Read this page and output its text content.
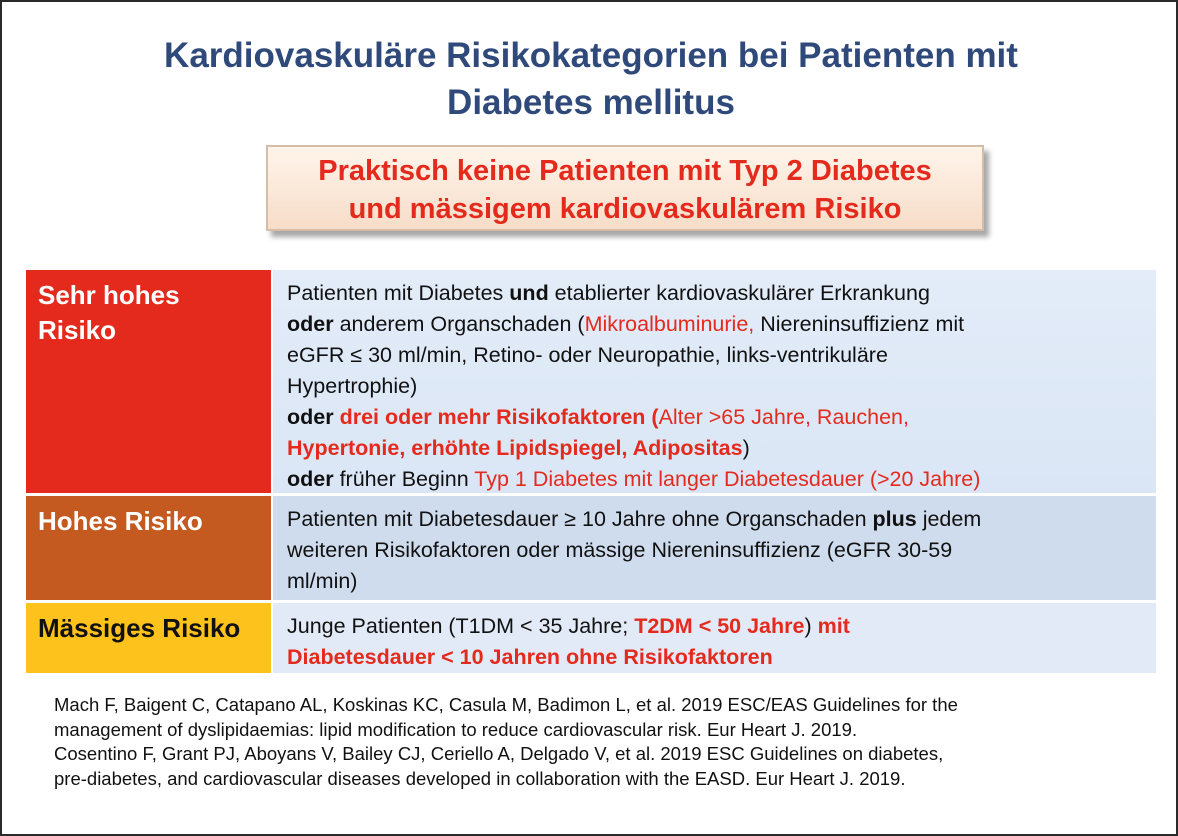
Kardiovaskuläre Risikokategorien bei Patienten mit
Diabetes mellitus
Praktisch keine Patienten mit Typ 2 Diabetes
und mässigem kardiovaskulärem Risiko
Sehr hohes
Risiko
Patienten mit Diabetes und etablierter kardiovaskulärer Erkrankung
oder anderem Organschaden (Mikroalbuminurie, Niereninsuffizienz mit
eGFR ≤ 30 ml/min, Retino- oder Neuropathie, links-ventrikuläre
Hypertrophie)
oder drei oder mehr Risikofaktoren (Alter >65 Jahre, Rauchen,
Hypertonie, erhöhte Lipidspiegel, Adipositas)
oder früher Beginn Typ 1 Diabetes mit langer Diabetesdauer (>20 Jahre)
Hohes Risiko	Patienten mit Diabetesdauer ≥ 10 Jahre ohne Organschaden plus jedem
weiteren Risikofaktoren oder mässige Niereninsuffizienz (eGFR 30-59
ml/min)
Mässiges Risiko	Junge Patienten (T1DM < 35 Jahre; T2DM < 50 Jahre) mit
Diabetesdauer < 10 Jahren ohne Risikofaktoren
Mach F, Baigent C, Catapano AL, Koskinas KC, Casula M, Badimon L, et al. 2019 ESC/EAS Guidelines for the
management of dyslipidaemias: lipid modification to reduce cardiovascular risk. Eur Heart J. 2019.
Cosentino F, Grant PJ, Aboyans V, Bailey CJ, Ceriello A, Delgado V, et al. 2019 ESC Guidelines on diabetes,
pre-diabetes, and cardiovascular diseases developed in collaboration with the EASD. Eur Heart J. 2019.
